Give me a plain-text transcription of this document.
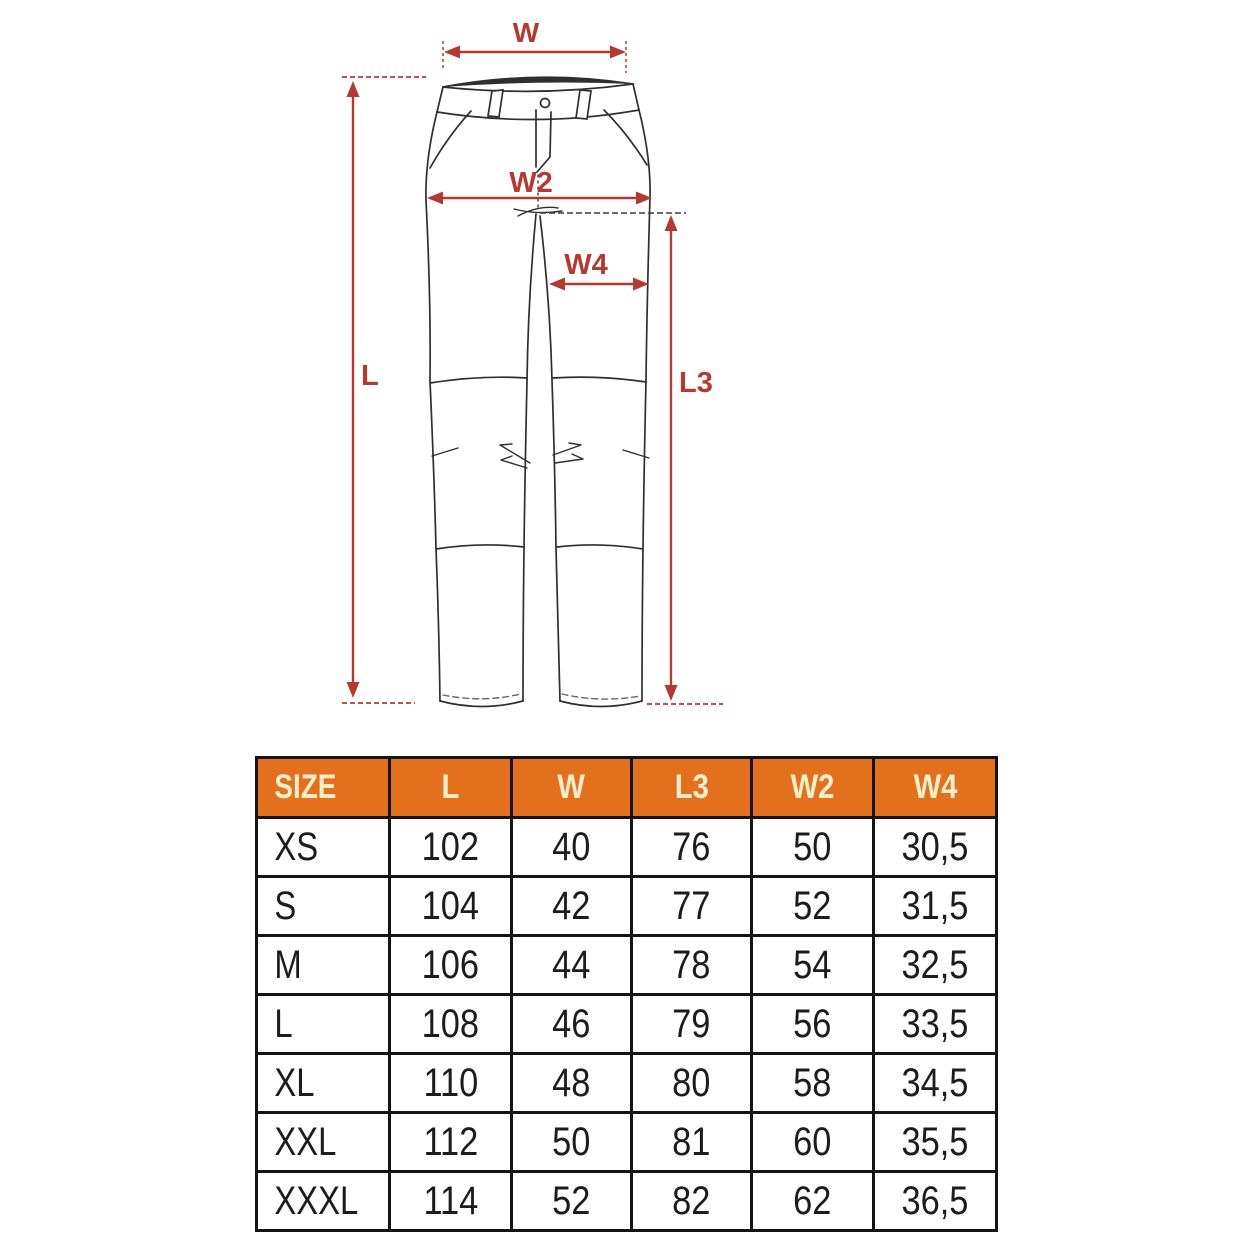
W
L
W2
W4
L3
SIZE	L	W	L3	W2	W4
XS	102	40	76	50	30,5
S	104	42	77	52	31,5
M	106	44	78	54	32,5
L	108	46	79	56	33,5
XL	110	48	80	58	34,5
XXL	112	50	81	60	35,5
XXXL	114	52	82	62	36,5
